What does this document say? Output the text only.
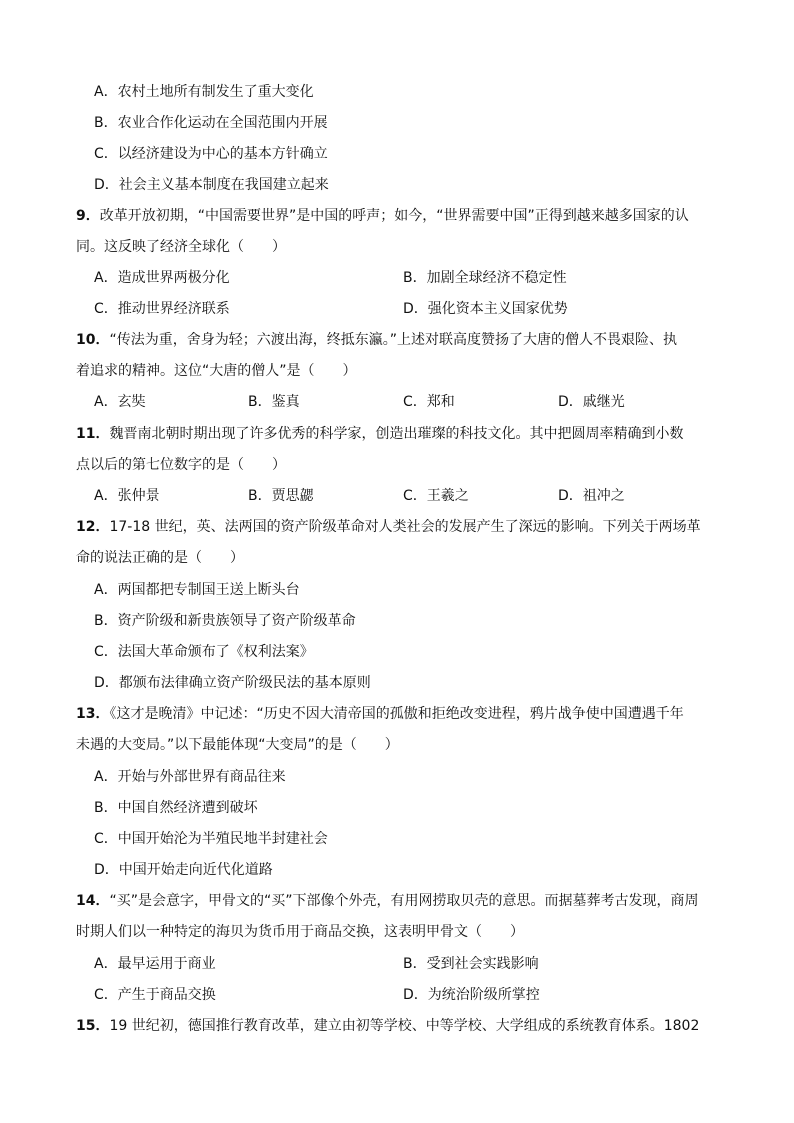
A．农村土地所有制发生了重大变化
B．农业合作化运动在全国范围内开展
C．以经济建设为中心的基本方针确立
D．社会主义基本制度在我国建立起来
9．改革开放初期，“中国需要世界”是中国的呼声；如今，“世界需要中国”正得到越来越多国家的认
同。这反映了经济全球化（　　）
A．造成世界两极分化	B．加剧全球经济不稳定性
C．推动世界经济联系	D．强化资本主义国家优势
10．“传法为重，舍身为轻；六渡出海，终抵东瀛。”上述对联高度赞扬了大唐的僧人不畏艰险、执
着追求的精神。这位“大唐的僧人”是（　　）
A．玄奘	B．鉴真	C．郑和	D．戚继光
11．魏晋南北朝时期出现了许多优秀的科学家，创造出璀璨的科技文化。其中把圆周率精确到小数
点以后的第七位数字的是（　　）
A．张仲景	B．贾思勰	C．王羲之	D．祖冲之
12．17-18 世纪，英、法两国的资产阶级革命对人类社会的发展产生了深远的影响。下列关于两场革
命的说法正确的是（　　）
A．两国都把专制国王送上断头台
B．资产阶级和新贵族领导了资产阶级革命
C．法国大革命颁布了《权利法案》
D．都颁布法律确立资产阶级民法的基本原则
13．《这才是晚清》中记述：“历史不因大清帝国的孤傲和拒绝改变进程，鸦片战争使中国遭遇千年
未遇的大变局。”以下最能体现“大变局”的是（　　）
A．开始与外部世界有商品往来
B．中国自然经济遭到破坏
C．中国开始沦为半殖民地半封建社会
D．中国开始走向近代化道路
14．“买”是会意字，甲骨文的“买”下部像个外壳，有用网捞取贝壳的意思。而据墓葬考古发现，商周
时期人们以一种特定的海贝为货币用于商品交换，这表明甲骨文（　　）
A．最早运用于商业	B．受到社会实践影响
C．产生于商品交换	D．为统治阶级所掌控
15．19 世纪初，德国推行教育改革，建立由初等学校、中等学校、大学组成的系统教育体系。1802
